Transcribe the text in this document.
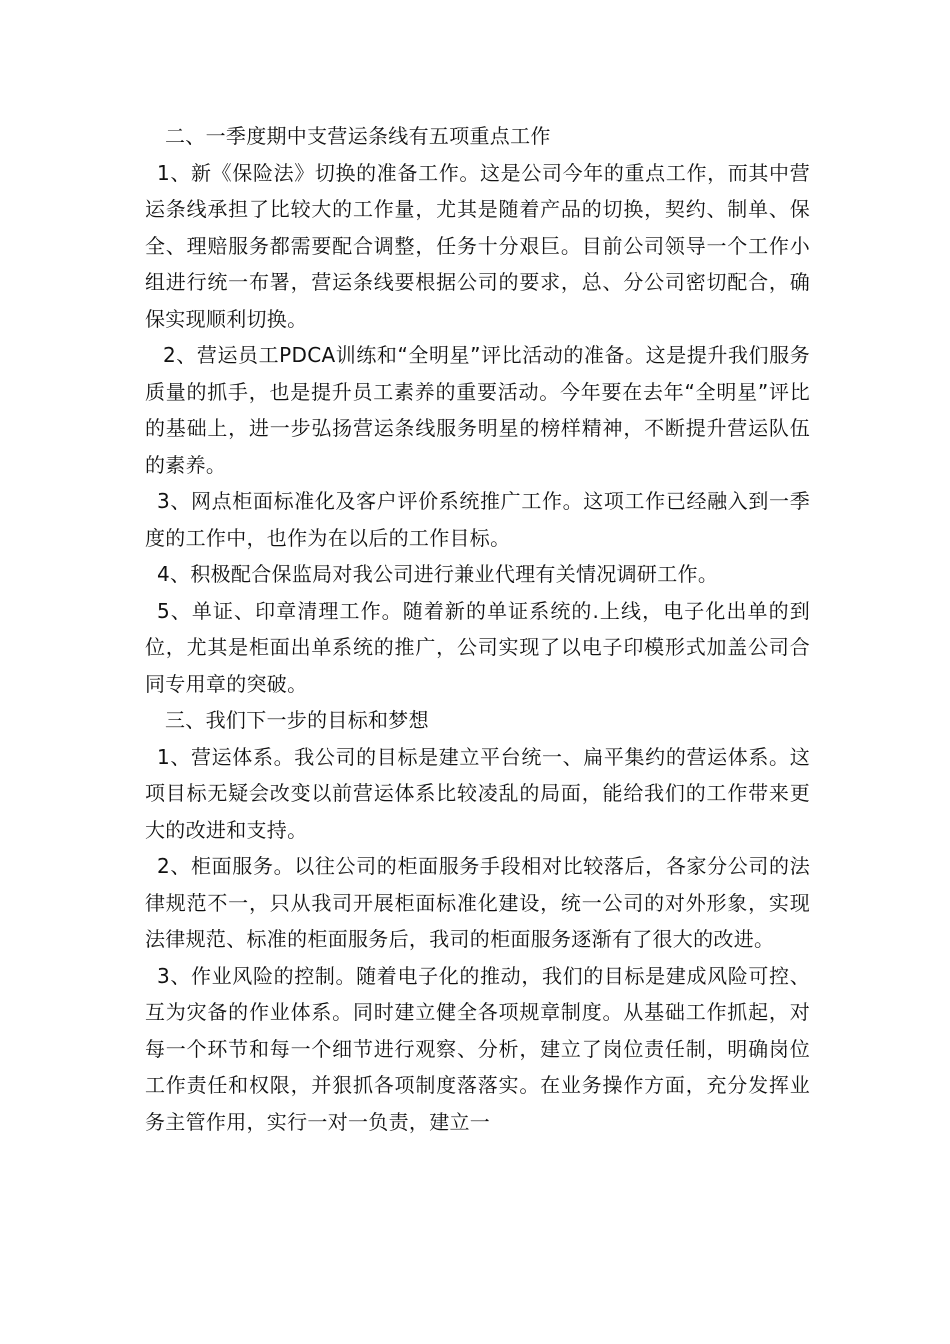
二、一季度期中支营运条线有五项重点工作

1、新《保险法》切换的准备工作。这是公司今年的重点工作，而其中营运条线承担了比较大的工作量，尤其是随着产品的切换，契约、制单、保全、理赔服务都需要配合调整，任务十分艰巨。目前公司领导一个工作小组进行统一布署，营运条线要根据公司的要求，总、分公司密切配合，确保实现顺利切换。

2、营运员工PDCA训练和“全明星”评比活动的准备。这是提升我们服务质量的抓手，也是提升员工素养的重要活动。今年要在去年“全明星”评比的基础上，进一步弘扬营运条线服务明星的榜样精神，不断提升营运队伍的素养。

3、网点柜面标准化及客户评价系统推广工作。这项工作已经融入到一季度的工作中，也作为在以后的工作目标。

4、积极配合保监局对我公司进行兼业代理有关情况调研工作。

5、单证、印章清理工作。随着新的单证系统的.上线，电子化出单的到位，尤其是柜面出单系统的推广，公司实现了以电子印模形式加盖公司合同专用章的突破。

三、我们下一步的目标和梦想

1、营运体系。我公司的目标是建立平台统一、扁平集约的营运体系。这项目标无疑会改变以前营运体系比较凌乱的局面，能给我们的工作带来更大的改进和支持。

2、柜面服务。以往公司的柜面服务手段相对比较落后，各家分公司的法律规范不一，只从我司开展柜面标准化建设，统一公司的对外形象，实现法律规范、标准的柜面服务后，我司的柜面服务逐渐有了很大的改进。

3、作业风险的控制。随着电子化的推动，我们的目标是建成风险可控、互为灾备的作业体系。同时建立健全各项规章制度。从基础工作抓起，对每一个环节和每一个细节进行观察、分析，建立了岗位责任制，明确岗位工作责任和权限，并狠抓各项制度落落实。在业务操作方面，充分发挥业务主管作用，实行一对一负责，建立一
